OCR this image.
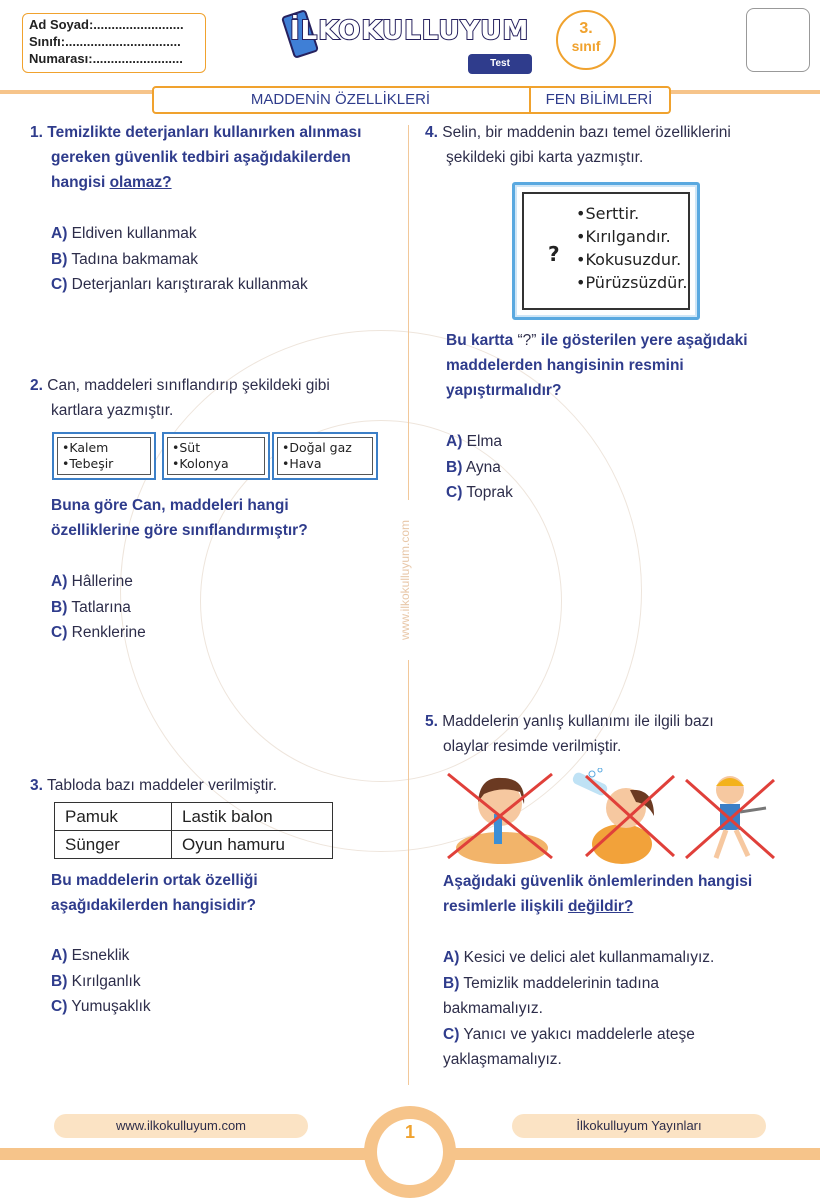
Ad Soyad:.........................
Sınıfı:................................
Numarası:.........................
İLKOKULLUYUM
Test
3.
sınıf
MADDENİN ÖZELLİKLERİ	FEN BİLİMLERİ
www.ilkokulluyum.com
1. Temizlikte deterjanları kullanırken alınması
gereken güvenlik tedbiri aşağıdakilerden
hangisi olamaz?
A) Eldiven kullanmak
B) Tadına bakmamak
C) Deterjanları karıştırarak kullanmak
2. Can, maddeleri sınıflandırıp şekildeki gibi
kartlara yazmıştır.
•Kalem
•Tebeşir
•Süt
•Kolonya
•Doğal gaz
•Hava
Buna göre Can, maddeleri hangi
özelliklerine göre sınıflandırmıştır?
A) Hâllerine
B) Tatlarına
C) Renklerine
3. Tabloda bazı maddeler verilmiştir.
Pamuk	Lastik balon
Sünger	Oyun hamuru
Bu maddelerin ortak özelliği
aşağıdakilerden hangisidir?
A) Esneklik
B) Kırılganlık
C) Yumuşaklık
4. Selin, bir maddenin bazı temel özelliklerini
şekildeki gibi karta yazmıştır.
?
•Serttir.
•Kırılgandır.
•Kokusuzdur.
•Pürüzsüzdür.
Bu kartta “?” ile gösterilen yere aşağıdaki
maddelerden hangisinin resmini
yapıştırmalıdır?
A) Elma
B) Ayna
C) Toprak
5. Maddelerin yanlış kullanımı ile ilgili bazı
olaylar resimde verilmiştir.
Aşağıdaki güvenlik önlemlerinden hangisi
resimlerle ilişkili değildir?
A) Kesici ve delici alet kullanmamalıyız.
B) Temizlik maddelerinin tadına
bakmamalıyız.
C) Yanıcı ve yakıcı maddelerle ateşe
yaklaşmamalıyız.
1
www.ilkokulluyum.com	İlkokulluyum Yayınları
